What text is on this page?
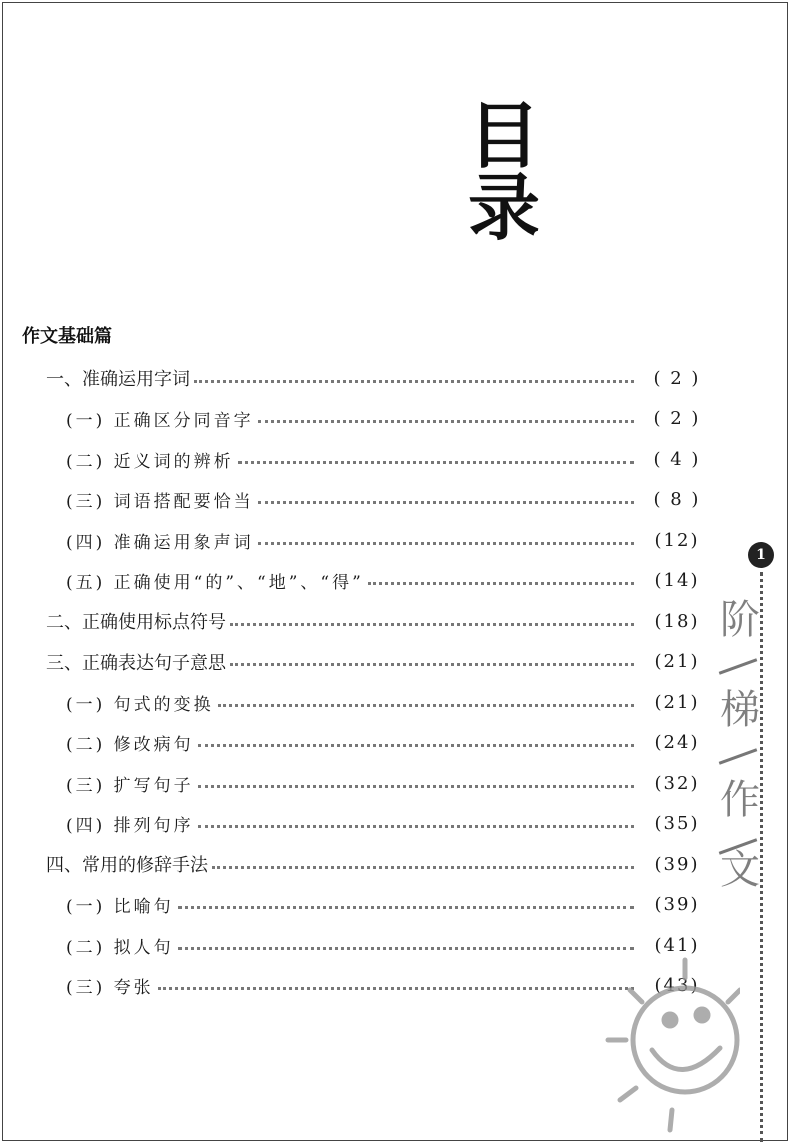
目 录
作文基础篇
一、准确运用字词	( 2 )
(一) 正确区分同音字	( 2 )
(二) 近义词的辨析	( 4 )
(三) 词语搭配要恰当	( 8 )
(四) 准确运用象声词	(12)
(五) 正确使用“的”、“地”、“得”	(14)
二、正确使用标点符号	(18)
三、正确表达句子意思	(21)
(一) 句式的变换	(21)
(二) 修改病句	(24)
(三) 扩写句子	(32)
(四) 排列句序	(35)
四、常用的修辞手法	(39)
(一) 比喻句	(39)
(二) 拟人句	(41)
(三) 夸张	(43)
1
阶
梯
作
文
